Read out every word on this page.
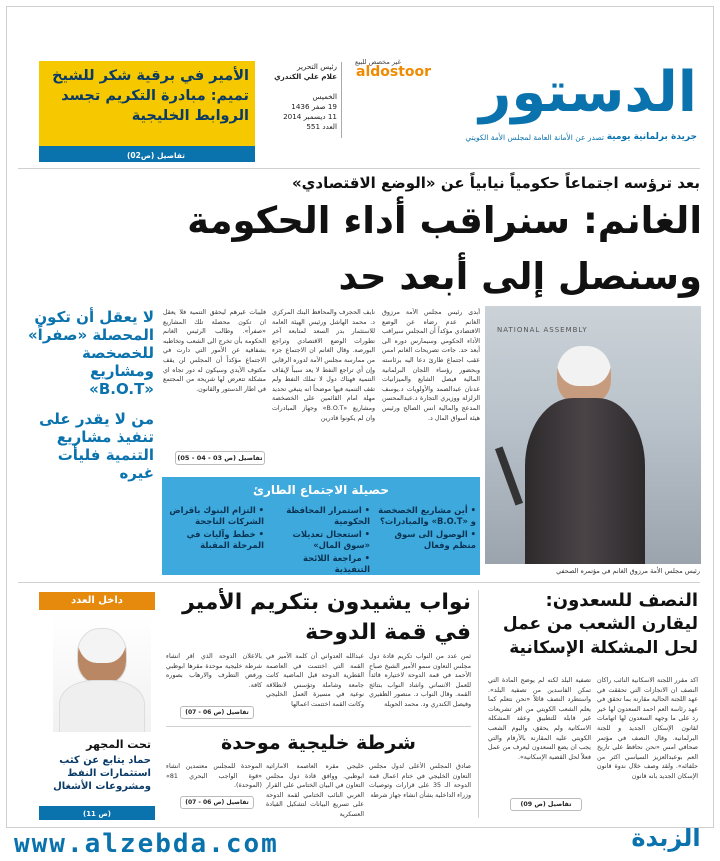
الدستور
aldostoor
غير مخصص للبيع
جريدة برلمانية يومية
تصدر عن الأمانة العامة لمجلس الأمة الكويتي
رئيس التحرير
علام علي الكندري
الخميس
19 صفر 1436
11 ديسمبر 2014
العدد 551
الأمير في برقية شكر للشيخ تميم: مبادرة التكريم تجسد الروابط الخليجية
تفاصيل (ص02)
بعد ترؤسه اجتماعاً حكومياً نيابياً عن «الوضع الاقتصادي»
الغانم: سنراقب أداء الحكومة
وسنصل إلى أبعد حد
NATIONAL ASSEMBLY
رئيس مجلس الأمة مرزوق الغانم في مؤتمره الصحفي
أبدى رئيس مجلس الأمة مرزوق الغانم عدم رضاه عن الوضع الاقتصادي مؤكداً أن المجلس سيراقب الأداء الحكومي وسيمارس دوره الى أبعد حد. جاءت تصريحات الغانم امس عقب اجتماع طارئ دعا اليه برئاسته وبحضور رؤساء اللجان البرلمانية المالية فيصل الشايع والميزانيات عدنان عبدالصمد والأولويات د.يوسف الزلزلة ووزيري التجارة د.عبدالمحسن المدعج والمالية انس الصالح ورئيس هيئة أسواق المال د.
نايف الحجرف والمحافظ البنك المركزي د. محمد الهاشل ورئيس الهيئة العامة للاستثمار بدر السعد لمتابعة آخر تطورات الوضع الاقتصادي وتراجع البورصة. وقال الغانم ان الاجتماع جزء من ممارسة مجلس الأمة لدوره الرقابي وإن أي تراجع النفط لا يعد سبباً لإيقاف التنمية فهناك دول لا تملك النفط ولم تقف التنمية فيها موضحاً انه ينبغي تحديد مهلة امام القائمين على الخصخصة ومشاريع «B.O.T» وجهاز المبادرات وان لم يكونوا قادرين
فليبات غيرهم ليحقق التنمية فلا يعقل ان تكون محصلة تلك المشاريع «صفراً». وطالب الرئيس الغانم الحكومة بأن تخرج الى الشعب وتخاطبه بشفافية عن الأمور التي دارت في الاجتماع مؤكداً أن المجلس لن يقف مكتوف الأيدي وسيكون له دور تجاه اي مشكلة تتعرض لها شريحة من المجتمع في اطار الدستور والقانون.
تفاصيل (ص 03 - 04 - 05)
لا يعقل أن تكون المحصلة «صفراً» للخصخصة ومشاريع «B.O.T»
من لا يقدر على تنفيذ مشاريع التنمية فليأت غيره
حصيلة الاجتماع الطارئ
• أين مشاريع الخصخصة و «B.O.T» والمبادرات؟
• الوصول الى سوق منظم وفعال
• استمرار المحافظة الحكومية
• استعجال تعديلات «سوق المال»
• مراجعة اللائحة التنفيذية
• التزام البنوك باقراض الشركات الناجحة
• خطط وآليات في المرحلة المقبلة
داخل العدد
تحت المجهر
حماد يتابع عن كثب استثمارات النفط ومشروعات الأشغال
(ص 11)
نواب يشيدون بتكريم الأمير في قمة الدوحة
ثمن عدد من النواب تكريم قادة دول مجلس التعاون سمو الأمير الشيخ صباح الأحمد في قمة الدوحة لاختياره قائداً للعمل الانساني واشاد النواب بنتائج القمة. وقال النواب د. منصور الظفيري وفيصل الكندري ود. محمد الحويلة
عبدالله العدواني أن كلمة الأمير في القمة التي اختتمت في العاصمة القطرية الدوحة قبل الماضية كانت جامعة وشاملة وتؤسس لانطلاقة نوعية في مسيرة العمل الخليجي وكانت القمة اختتمت اعمالها
بالاعلان الدوحة الذي اقر انشاء شرطة خليجية موحدة مقرها ابوظبي ورفض التطرف والارهاب بصوره كافة.
تفاصيل (ص 06 - 07)
شرطة خليجية موحدة
صادق المجلس الأعلى لدول مجلس التعاون الخليجي في ختام اعمال قمة الدوحة الـ 35 على قرارات وتوصيات وزراء الداخلية بشأن انشاء جهاز شرطة
خليجي مقره العاصمة الاماراتية ابوظبي. ووافق قادة دول مجلس التعاون في البيان الختامي على القرار العربي النائب الختامي لقمة الدوحة على تسريع البيانات لتشكيل القيادة العسكرية
الموحدة للمجلس معتمدين انشاء «قوة الواجب البحري 81» (الموحدة).
تفاصيل (ص 06 - 07)
النصف للسعدون:
ليقارن الشعب من عمل لحل المشكلة الإسكانية
اكد مقرر اللجنة الاسكانية النائب راكان النصف ان الانجازات التي تحققت في عهد اللجنة الحالية مقارنة بما تحقق في عهد رئاسة العم احمد السعدون لها خير رد على ما وجهه السعدون لها اتهامات لقانون الإسكان الجديد و للجنة البرلمانية. وقال النصف في مؤتمر صحافي امس «نحن نحافظ على تاريخ العم بوعبدالعزيز السياسي اكثر من حلفائه». ولقد وصف خلال ندوة قانون الإسكان الجديد بانه قانون
تصفية البلد لكنه لم يوضح المادة التي تمكن الفاسدين من تصفية البلد». واستطرد النصف قائلاً «نحن نتعلم كما يعلم الشعب الكويتي من اقر تشريعات غير قابلة للتطبيق وعقد المشكلة الاسكانية ولم يحقق، واليوم الشعب الكويتي عليه المقارنة بالأرقام والتي يجب ان يضع السعدون ليعرف من عمل فعلاً لحل القضية الإسكانية».
تفاصيل (ص 09)
www.alzebda.com	الزبدة
